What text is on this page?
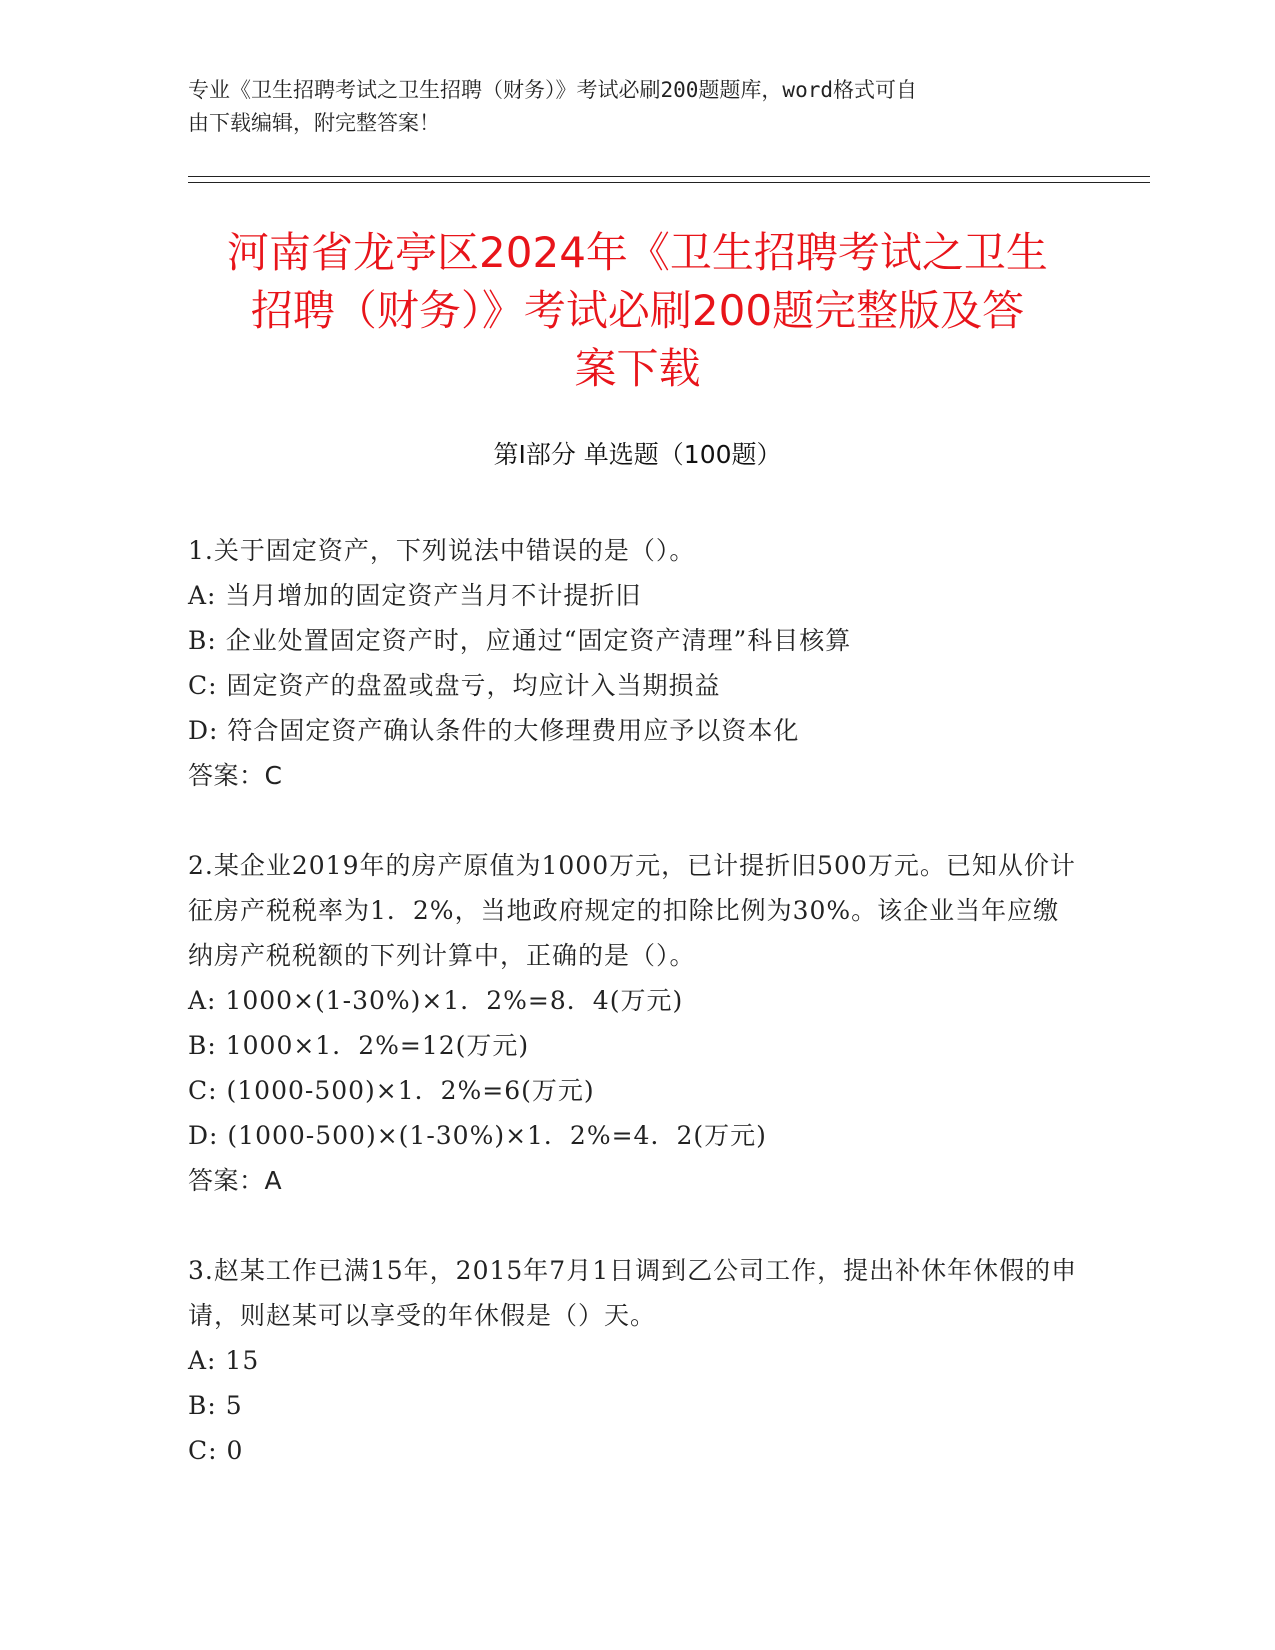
专业《卫生招聘考试之卫生招聘（财务）》考试必刷200题题库，word格式可自
由下载编辑，附完整答案！
河南省龙亭区2024年《卫生招聘考试之卫生
招聘（财务）》考试必刷200题完整版及答
案下载
第Ⅰ部分 单选题（100题）
1.关于固定资产，下列说法中错误的是（）。
A: 当月增加的固定资产当月不计提折旧
B: 企业处置固定资产时，应通过“固定资产清理”科目核算
C: 固定资产的盘盈或盘亏，均应计入当期损益
D: 符合固定资产确认条件的大修理费用应予以资本化
答案：C
2.某企业2019年的房产原值为1000万元，已计提折旧500万元。已知从价计征房产税税率为1．2%，当地政府规定的扣除比例为30%。该企业当年应缴纳房产税税额的下列计算中，正确的是（）。
A: 1000×(1-30%)×1．2%=8．4(万元)
B: 1000×1．2%=12(万元)
C: (1000-500)×1．2%=6(万元)
D: (1000-500)×(1-30%)×1．2%=4．2(万元)
答案：A
3.赵某工作已满15年，2015年7月1日调到乙公司工作，提出补休年休假的申请，则赵某可以享受的年休假是（）天。
A: 15
B: 5
C: 0
